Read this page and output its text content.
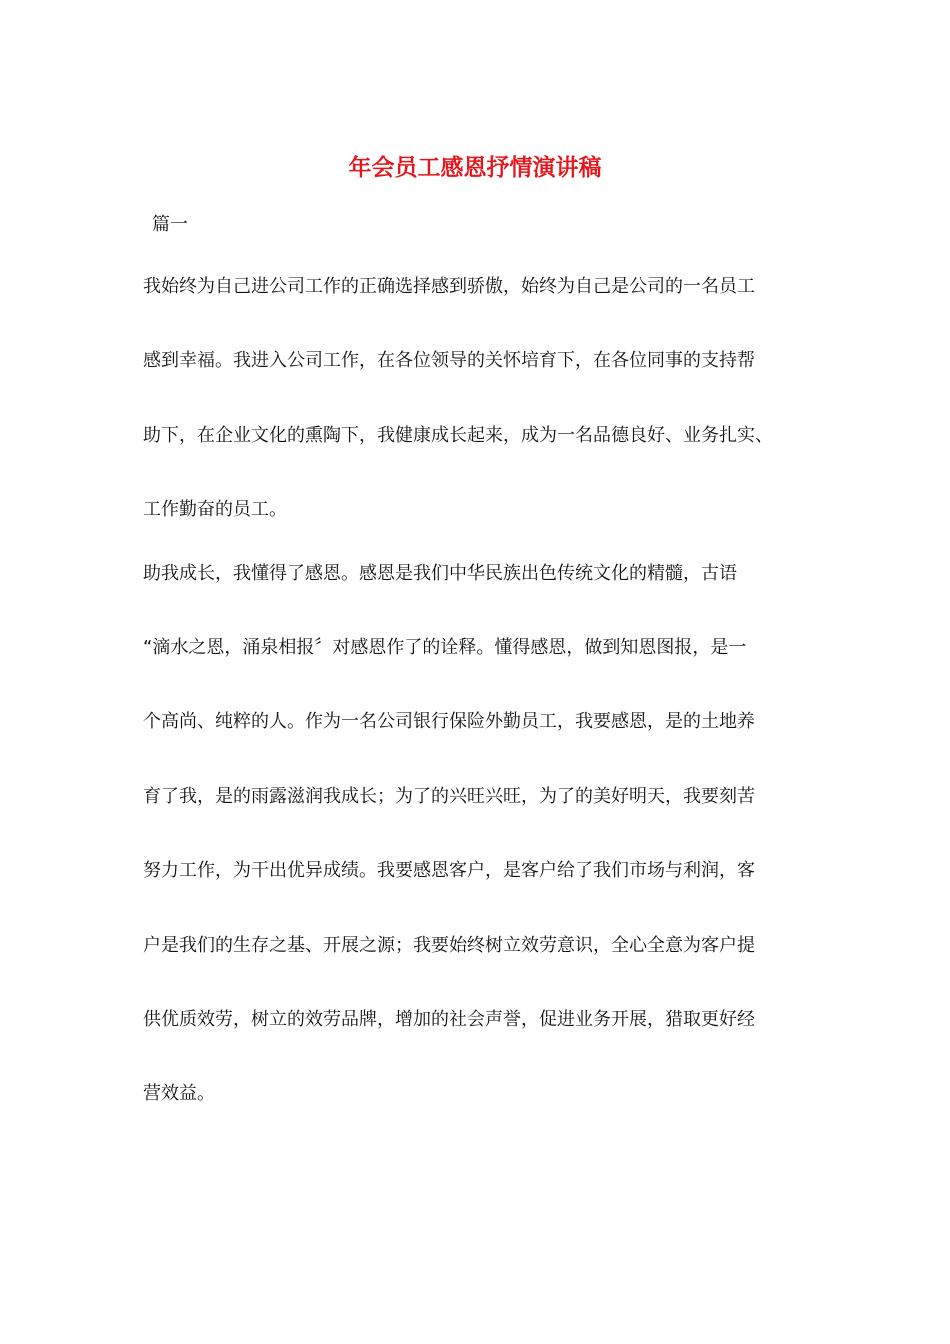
年会员工感恩抒情演讲稿
篇一
我始终为自己进公司工作的正确选择感到骄傲，始终为自己是公司的一名员工
感到幸福。我进入公司工作，在各位领导的关怀培育下，在各位同事的支持帮
助下，在企业文化的熏陶下，我健康成长起来，成为一名品德良好、业务扎实、
工作勤奋的员工。
助我成长，我懂得了感恩。感恩是我们中华民族出色传统文化的精髓，古语
“滴水之恩，涌泉相报〞对感恩作了的诠释。懂得感恩，做到知恩图报，是一
个高尚、纯粹的人。作为一名公司银行保险外勤员工，我要感恩，是的土地养
育了我，是的雨露滋润我成长；为了的兴旺兴旺，为了的美好明天，我要刻苦
努力工作，为干出优异成绩。我要感恩客户，是客户给了我们市场与利润，客
户是我们的生存之基、开展之源；我要始终树立效劳意识，全心全意为客户提
供优质效劳，树立的效劳品牌，增加的社会声誉，促进业务开展，猎取更好经
营效益。
